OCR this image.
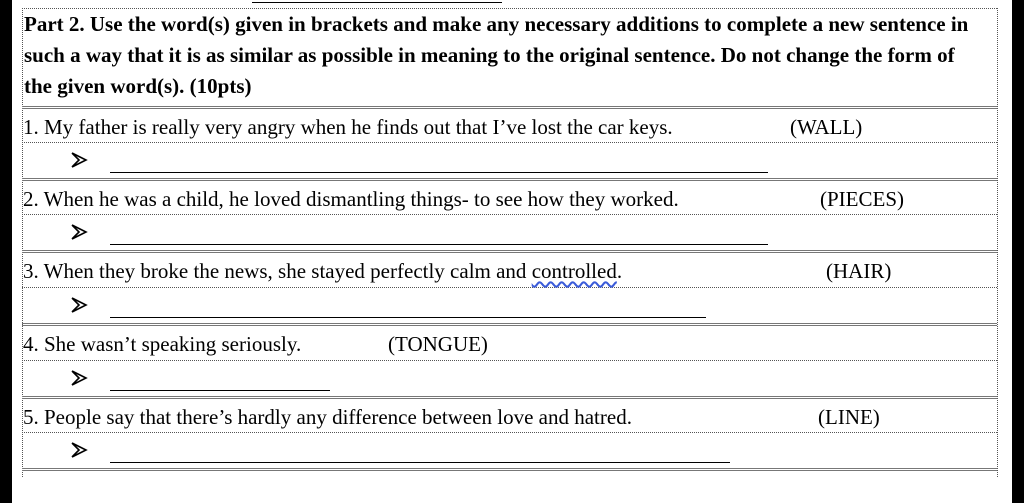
Part 2. Use the word(s) given in brackets and make any necessary additions to complete a new sentence in such a way that it is as similar as possible in meaning to the original sentence. Do not change the form of the given word(s). (10pts)

1. My father is really very angry when he finds out that I’ve lost the car keys.	(WALL)

2. When he was a child, he loved dismantling things- to see how they worked.	(PIECES)

3. When they broke the news, she stayed perfectly calm and controlled.	(HAIR)

4. She wasn’t speaking seriously.	(TONGUE)

5. People say that there’s hardly any difference between love and hatred.	(LINE)
